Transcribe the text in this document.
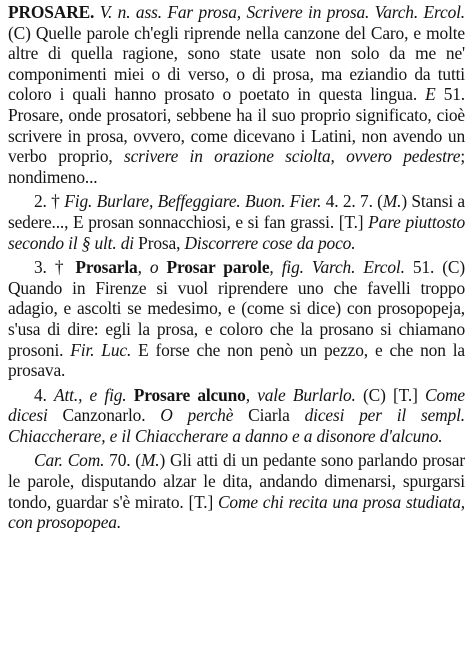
PROSARE. V. n. ass. Far prosa, Scrivere in prosa. Varch. Ercol. (C) Quelle parole ch'egli riprende nella canzone del Caro, e molte altre di quella ragione, sono state usate non solo da me ne' componimenti miei o di verso, o di prosa, ma eziandio da tutti coloro i quali hanno prosato o poetato in questa lingua. E 51. Prosare, onde prosatori, sebbene ha il suo proprio significato, cioè scrivere in prosa, ovvero, come dicevano i Latini, non avendo un verbo proprio, scrivere in orazione sciolta, ovvero pedestre; nondimeno...
2. † Fig. Burlare, Beffeggiare. Buon. Fier. 4. 2. 7. (M.) Stansi a sedere..., E prosan sonnacchiosi, e si fan grassi. [T.] Pare piuttosto secondo il § ult. di Prosa, Discorrere cose da poco.
3. † Prosarla, o Prosar parole, fig. Varch. Ercol. 51. (C) Quando in Firenze si vuol riprendere uno che favelli troppo adagio, e ascolti se medesimo, e (come si dice) con prosopopeja, s'usa di dire: egli la prosa, e coloro che la prosano si chiamano prosoni. Fir. Luc. E forse che non penò un pezzo, e che non la prosava.
4. Att., e fig. Prosare alcuno, vale Burlarlo. (C) [T.] Come dicesi Canzonarlo. O perchè Ciarla dicesi per il sempl. Chiaccherare, e il Chiaccherare a danno e a disonore d'alcuno.
Car. Com. 70. (M.) Gli atti di un pedante sono parlando prosar le parole, disputando alzar le dita, andando dimenarsi, spurgarsi tondo, guardar s'è mirato. [T.] Come chi recita una prosa studiata, con prosopopea.
